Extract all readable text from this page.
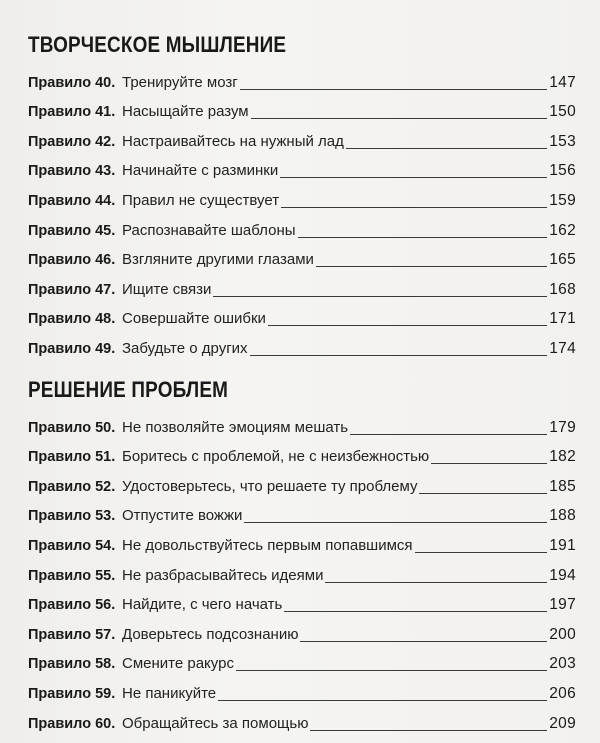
ТВОРЧЕСКОЕ МЫШЛЕНИЕ
Правило 40. Тренируйте мозг	147
Правило 41. Насыщайте разум	150
Правило 42. Настраивайтесь на нужный лад	153
Правило 43. Начинайте с разминки	156
Правило 44. Правил не существует	159
Правило 45. Распознавайте шаблоны	162
Правило 46. Взгляните другими глазами	165
Правило 47. Ищите связи	168
Правило 48. Совершайте ошибки	171
Правило 49. Забудьте о других	174
РЕШЕНИЕ ПРОБЛЕМ
Правило 50. Не позволяйте эмоциям мешать	179
Правило 51. Боритесь с проблемой, не с неизбежностью	182
Правило 52. Удостоверьтесь, что решаете ту проблему	185
Правило 53. Отпустите вожжи	188
Правило 54. Не довольствуйтесь первым попавшимся	191
Правило 55. Не разбрасывайтесь идеями	194
Правило 56. Найдите, с чего начать	197
Правило 57. Доверьтесь подсознанию	200
Правило 58. Смените ракурс	203
Правило 59. Не паникуйте	206
Правило 60. Обращайтесь за помощью	209
